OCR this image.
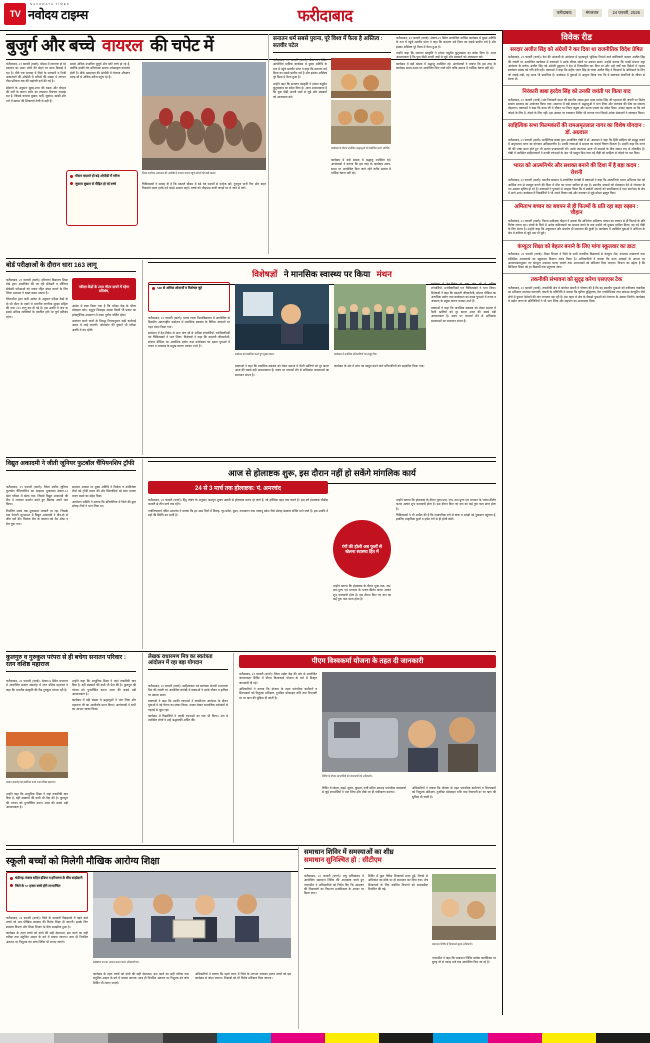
TV
NAVODAYA TIMES
नवोदय टाइम्स	फरीदाबाद	फरीदाबाद	मंगलवार	24 फरवरी, 2026
बुजुर्ग और बच्चे वायरल की चपेट में

फरीदाबाद, 23 फरवरी (वार्ता)। मौसम में लगातार हो रहे बदलाव का असर लोगों की सेहत पर साफ दिखाई दे रहा है। बीते एक सप्ताह में जिले के सरकारी व निजी अस्पतालों की ओपीडी में मरीजों की संख्या में लगभग तीस प्रतिशत तक की बढ़ोतरी दर्ज की गई है।

डॉक्टरों के अनुसार सुबह-शाम की ठंडक और दोपहर की गर्मी के कारण शरीर का तापमान नियंत्रण गड़बड़ा रहा है, जिससे वायरल बुखार, सर्दी, जुकाम, खांसी और गले में खराश की शिकायतें तेजी से बढ़ी हैं।

सबसे अधिक प्रभावित बुजुर्ग और छोटे बच्चे हो रहे हैं, क्योंकि इनकी रोग प्रतिरोधक क्षमता अपेक्षाकृत कमजोर होती है। बीके अस्पताल की ओपीडी में रोजाना औसतन बारह सौ से अधिक मरीज पहुंच रहे हैं।

मौसम बदलते ही बढ़े ओपीडी में मरीज
जुकाम बुखार से पीड़ित हो रहे बच्चे
जिला नागरिक अस्पताल की ओपीडी में उपचार कराने पहुंचे मरीजों की लंबी कतार।

चिकित्सकों ने सलाह दी है कि बदलते मौसम में ठंडे पेय पदार्थों से परहेज करें, गुनगुना पानी पिएं और बाहर निकलते समय हल्के गर्म कपड़े अवश्य पहनें। बच्चों को भीड़भाड़ वाली जगहों पर ले जाने से बचें।

सनातन धर्म सबसे पुराना, पूरे विश्व में फैला है अस्तित्व : सतवीर पटेल

फरीदाबाद, 23 फरवरी (वार्ता)। सेक्टर-21 स्थित आयोजित धार्मिक कार्यक्रम में मुख्य अतिथि के रूप में पहुंचे सतवीर पटेल ने कहा कि सनातन धर्म विश्व का सबसे प्राचीन धर्म है और इसका अस्तित्व पूरे विश्व में फैला हुआ है।

उन्होंने कहा कि सनातन संस्कृति ने हमेशा वसुधैव कुटुम्बकम का संदेश दिया है। आज आवश्यकता है कि युवा पीढ़ी अपनी जड़ों से जुड़े और संस्कारों को आत्मसात करे।

कार्यक्रम के दौरान उपस्थित श्रद्धालुओं को संबोधित करते अतिथि।

कार्यक्रम में बड़ी संख्या में श्रद्धालु उपस्थित रहे। आयोजकों ने बताया कि इस तरह के कार्यक्रम समय-समय पर आयोजित किए जाते रहेंगे ताकि समाज में धार्मिक चेतना बनी रहे।

फरीदाबाद, 23 फरवरी (वार्ता)। सेक्टर-21 स्थित आयोजित धार्मिक कार्यक्रम में मुख्य अतिथि के रूप में पहुंचे सतवीर पटेल ने कहा कि सनातन धर्म विश्व का सबसे प्राचीन धर्म है और इसका अस्तित्व पूरे विश्व में फैला हुआ है।

उन्होंने कहा कि सनातन संस्कृति ने हमेशा वसुधैव कुटुम्बकम का संदेश दिया है। आज आवश्यकता है कि युवा पीढ़ी अपनी जड़ों से जुड़े और संस्कारों को आत्मसात करे।

कार्यक्रम में बड़ी संख्या में श्रद्धालु उपस्थित रहे। आयोजकों ने बताया कि इस तरह के कार्यक्रम समय-समय पर आयोजित किए जाते रहेंगे ताकि समाज में धार्मिक चेतना बनी रहे।

बोर्ड परीक्षाओं के दौरान धारा 163 लागू

फरीदाबाद, 23 फरवरी (वार्ता)। हरियाणा विद्यालय शिक्षा बोर्ड द्वारा आयोजित की जा रही सेकेंडरी व सीनियर सेकेंडरी परीक्षाओं को नकल रहित संपन्न कराने के लिए जिला प्रशासन ने सख्त कदम उठाया है।

जिलाधीश द्वारा जारी आदेश के अनुसार परीक्षा केंद्रों के दो सौ मीटर के दायरे में भारतीय नागरिक सुरक्षा संहिता की धारा 163 लागू कर दी गई है। इस अवधि में पांच या इससे अधिक व्यक्तियों के एकत्रित होने पर पूर्ण प्रतिबंध रहेगा।

परीक्षा केंद्रों के 200 मीटर दायरे में रहेगा प्रतिबंध,

आदेश में स्पष्ट किया गया है कि परीक्षा केंद्र के भीतर मोबाइल फोन, ब्लूटूथ डिवाइस अथवा किसी भी प्रकार का इलेक्ट्रॉनिक उपकरण ले जाना पूर्णतः वर्जित रहेगा।

उल्लंघन करने वालों के विरुद्ध नियमानुसार कड़ी कार्रवाई अमल में लाई जाएगी। फोटोस्टेट की दुकानें भी परीक्षा अवधि में बंद रहेंगी।

विशेषज्ञों ने मानसिक स्वास्थ्य पर किया मंथन
500 से अधिक शोधार्थी व विशेषज्ञ जुटे

फरीदाबाद, 23 फरवरी (वार्ता)। मानव रचना विश्वविद्यालय में आयोजित दो दिवसीय अंतरराष्ट्रीय सम्मेलन में मानसिक स्वास्थ्य के विविध आयामों पर गहन मंथन किया गया।

सम्मेलन में देश-विदेश से आए पांच सौ से अधिक शोधार्थियों, मनोवैज्ञानिकों एवं चिकित्सकों ने भाग लिया। विशेषज्ञों ने कहा कि बदलती जीवनशैली, सोशल मीडिया का अत्यधिक प्रयोग तथा कार्यस्थल का दबाव युवाओं में तनाव व अवसाद के प्रमुख कारण बनकर उभरे हैं।

सम्मेलन को संबोधित करते हुए मुख्य वक्ता।

वक्ताओं ने कहा कि मानसिक स्वास्थ्य को लेकर समाज में फैली भ्रांतियों को दूर करना आज की सबसे बड़ी आवश्यकता है। समय पर परामर्श लेने से अधिकांश समस्याओं का समाधान संभव है।

कार्यक्रम में उपस्थित प्रतिभागियों का समूह चित्र।

कार्यक्रम के अंत में शोध पत्र प्रस्तुत करने वाले प्रतिभागियों को सम्मानित किया गया।

सम्मेलन में देश-विदेश से आए पांच सौ से अधिक शोधार्थियों, मनोवैज्ञानिकों एवं चिकित्सकों ने भाग लिया। विशेषज्ञों ने कहा कि बदलती जीवनशैली, सोशल मीडिया का अत्यधिक प्रयोग तथा कार्यस्थल का दबाव युवाओं में तनाव व अवसाद के प्रमुख कारण बनकर उभरे हैं।

वक्ताओं ने कहा कि मानसिक स्वास्थ्य को लेकर समाज में फैली भ्रांतियों को दूर करना आज की सबसे बड़ी आवश्यकता है। समय पर परामर्श लेने से अधिकांश समस्याओं का समाधान संभव है।

विद्युत अकादमी ने जीती जूनियर फुटबॉल चैंपियनशिप ट्रॉफी

फरीदाबाद, 23 फरवरी (वार्ता)। जिला स्तरीय जूनियर फुटबॉल चैंपियनशिप का फाइनल मुकाबला सेक्टर-12 खेल परिसर में खेला गया, जिसमें विद्युत अकादमी की टीम ने शानदार प्रदर्शन करते हुए खिताब अपने नाम किया।

निर्धारित समय तक मुकाबला बराबरी पर रहा, जिसके बाद पेनल्टी शूटआउट में विद्युत अकादमी ने तीन-दो से जीत दर्ज की। विजेता टीम के कप्तान को मैन ऑफ द मैच चुना गया।

समापन अवसर पर मुख्य अतिथि ने विजेता व उपविजेता टीमों को ट्रॉफी प्रदान की और खिलाड़ियों को खेल भावना बनाए रखने का संदेश दिया।

आयोजन समिति ने बताया कि प्रतियोगिता में जिले की कुल सोलह टीमों ने भाग लिया था।

आज से होलाष्टक शुरू, इस दौरान नहीं हो सकेंगे मांगलिक कार्य
24 से 3 मार्च तक होलाष्टक: पं. अमरचंद

फरीदाबाद, 23 फरवरी (वार्ता)। हिंदू पंचांग के अनुसार फाल्गुन शुक्ल अष्टमी से होलाष्टक प्रारंभ हो जाते हैं, जो होलिका दहन तक चलते हैं। इस वर्ष होलाष्टक चौबीस फरवरी से तीन मार्च तक रहेंगे।

ज्योतिषाचार्य पंडित अमरचंद ने बताया कि इन आठ दिनों में विवाह, गृह प्रवेश, मुंडन, नामकरण तथा नववधू प्रवेश जैसे सोलह संस्कार वर्जित माने जाते हैं। इस अवधि में ग्रहों की स्थिति उग्र रहती है।

रंगों की होली अब फूलों से खेलना स्वास्थ्य हित में

उन्होंने बताया कि होलाष्टक के दौरान पूजा-पाठ, जप, दान-पुण्य एवं भगवान के भजन-कीर्तन करना अत्यंत शुभ फलदायी होता है। इस दौरान किए गए दान का कई गुना फल प्राप्त होता है।

उन्होंने बताया कि होलाष्टक के दौरान पूजा-पाठ, जप, दान-पुण्य एवं भगवान के भजन-कीर्तन करना अत्यंत शुभ फलदायी होता है। इस दौरान किए गए दान का कई गुना फल प्राप्त होता है।

चिकित्सकों ने भी अपील की है कि रासायनिक रंगों से त्वचा व आंखों को नुकसान पहुंचता है, इसलिए प्राकृतिक फूलों व हर्बल रंगों से ही होली खेलें।

कुलगुरु व गुरुकुल परंपरा से ही बचेगा सनातन परिवार : रतन वशिष्ठ महाराज

फरीदाबाद, 23 फरवरी (वार्ता)। सेक्टर-9 स्थित सभागार में आयोजित सत्संग समारोह में रतन वशिष्ठ महाराज ने कहा कि भारतीय संस्कृति की रीढ़ गुरुकुल परंपरा रही है।

सत्संग समारोह को संबोधित करते रतन वशिष्ठ महाराज।

उन्होंने कहा कि आधुनिक शिक्षा ने जहां तकनीकी ज्ञान दिया है, वहीं संस्कारों की कमी भी पैदा की है। कुलगुरु की परंपरा को पुनर्जीवित करना आज की सबसे बड़ी आवश्यकता है।

उन्होंने कहा कि आधुनिक शिक्षा ने जहां तकनीकी ज्ञान दिया है, वहीं संस्कारों की कमी भी पैदा की है। कुलगुरु की परंपरा को पुनर्जीवित करना आज की सबसे बड़ी आवश्यकता है।

कार्यक्रम में बड़ी संख्या में श्रद्धालुओं ने भाग लिया और महाराज जी का आशीर्वाद प्राप्त किया। आयोजकों ने सभी का आभार व्यक्त किया।

लेखक राधारमण मित्र का स्वतंत्रता आंदोलन में रहा बड़ा योगदान

फरीदाबाद, 23 फरवरी (वार्ता)। साहित्यकार एवं स्वतंत्रता सेनानी राधारमण मित्र की जयंती पर आयोजित संगोष्ठी में वक्ताओं ने उनके जीवन व कृतित्व पर प्रकाश डाला।

वक्ताओं ने कहा कि उनकी रचनाओं ने स्वाधीनता आंदोलन के दौरान युवाओं में नई चेतना का संचार किया। उनका लेखन सामाजिक सरोकारों से गहराई से जुड़ा रहा।

कार्यक्रम में विद्यार्थियों ने उनकी रचनाओं का पाठ भी किया। अंत में उपस्थित लोगों ने उन्हें श्रद्धांजलि अर्पित की।

पीएम विश्वकर्मा योजना के तहत दी जानकारी

फरीदाबाद, 23 फरवरी (वार्ता)। जिला उद्योग केंद्र की ओर से आयोजित जागरूकता शिविर में पीएम विश्वकर्मा योजना के बारे में विस्तृत जानकारी दी गई।

अधिकारियों ने बताया कि योजना के तहत पारंपरिक कारीगरों व शिल्पकारों को निशुल्क प्रशिक्षण, टूलकिट प्रोत्साहन राशि तथा रियायती दर पर ऋण की सुविधा दी जाती है।

शिविर के दौरान लाभार्थियों को जानकारी देते अधिकारी।

शिविर में लोहार, बढ़ई, सुनार, कुम्हार, दर्जी सहित अठारह पारंपरिक व्यवसायों से जुड़े लाभार्थियों ने भाग लिया और मौके पर ही पंजीकरण कराया।

अधिकारियों ने बताया कि योजना के तहत पारंपरिक कारीगरों व शिल्पकारों को निशुल्क प्रशिक्षण, टूलकिट प्रोत्साहन राशि तथा रियायती दर पर ऋण की सुविधा दी जाती है।

स्कूली बच्चों को मिलेगी मौखिक आरोग्य शिक्षा
चंडीगढ़-पंजाब सहित इंडिया व हरियाणा के बीच साझेदारी
जिले के 57 हजार बच्चे होंगे लाभान्वित

फरीदाबाद, 23 फरवरी (वार्ता)। जिले के सरकारी विद्यालयों में पढ़ने वाले बच्चों को अब मौखिक स्वास्थ्य की विशेष शिक्षा दी जाएगी। इसके लिए स्वास्थ्य विभाग और शिक्षा विभाग के बीच समझौता हुआ है।

कार्यक्रम के तहत बच्चों को दांतों की सही देखभाल, ब्रश करने का सही तरीका तथा संतुलित आहार के बारे में बताया जाएगा। साथ ही नियमित अंतराल पर निशुल्क दंत जांच शिविर भी लगाए जाएंगे।

समझौता पत्र का आदान-प्रदान करते अधिकारीगण।

कार्यक्रम के तहत बच्चों को दांतों की सही देखभाल, ब्रश करने का सही तरीका तथा संतुलित आहार के बारे में बताया जाएगा। साथ ही नियमित अंतराल पर निशुल्क दंत जांच शिविर भी लगाए जाएंगे।

अधिकारियों ने बताया कि पहले चरण में जिले के लगभग सत्तावन हजार बच्चों को इस कार्यक्रम से जोड़ा जाएगा। शिक्षकों को भी विशेष प्रशिक्षण दिया जाएगा।

समाधान शिविर में समस्याओं का शीघ्र
समाधान सुनिश्चित हो : सीटीएम

फरीदाबाद, 23 फरवरी (वार्ता)। लघु सचिवालय में आयोजित समाधान शिविर की अध्यक्षता करते हुए नगराधीश ने अधिकारियों को निर्देश दिए कि आमजन की शिकायतों का निपटारा प्राथमिकता के आधार पर किया जाए।

शिविर में कुल तैंतीस शिकायतें प्राप्त हुईं, जिनमें से अधिकांश का मौके पर ही समाधान कर दिया गया। शेष शिकायतों के लिए संबंधित विभागों को समयसीमा निर्धारित की गई।

समाधान शिविर में शिकायतें सुनते अधिकारी।

नगराधीश ने कहा कि समाधान शिविर प्रत्येक कार्यदिवस पर सुबह नौ से ग्यारह बजे तक आयोजित किए जा रहे हैं।

विवेक रीड
सरदार अजीत सिंह को अंग्रेजों ने कर दिया था राजनीतिक विदेश प्रेषित
फरीदाबाद, 23 फरवरी (वार्ता)। देश की आजादी के आंदोलन में महत्वपूर्ण भूमिका निभाने वाले क्रांतिकारी सरदार अजीत सिंह की जयंती पर आयोजित कार्यक्रम में वक्ताओं ने उनके जीवन संघर्ष पर प्रकाश डाला। उन्होंने बताया कि पगड़ी संभाल जट्टा आंदोलन के प्रणेता अजीत सिंह को अंग्रेजी हुकूमत ने देश से निष्कासित कर दिया था और उन्हें वर्षों तक विदेशों में रहकर स्वतंत्रता संग्राम को गति देनी पड़ी। वक्ताओं ने कहा कि शहीद भगत सिंह के चाचा अजीत सिंह ने किसानों के अधिकारों के लिए जो लड़ाई लड़ी, वह आज भी प्रासंगिक है। कार्यक्रम में युवाओं से आह्वान किया गया कि वे स्वतंत्रता सेनानियों के जीवन से प्रेरणा लें।
निरंकारी बाबा हरदेव सिंह को उनकी जयंती पर किया याद
फरीदाबाद, 23 फरवरी (वार्ता)। संत निरंकारी मंडल की स्थानीय शाखा द्वारा बाबा हरदेव सिंह जी महाराज की जयंती पर विशेष सत्संग समागम का आयोजन किया गया। समागम में बड़ी संख्या में श्रद्धालुओं ने भाग लिया और मानवता की सेवा का संकल्प दोहराया। वक्ताओं ने कहा कि बाबा जी ने जीवन भर विश्व बंधुत्व और मानव एकता का संदेश दिया। उनका कहना था कि धर्म जोड़ने के लिए है, तोड़ने के लिए नहीं। इस अवसर पर रक्तदान शिविर भी लगाया गया जिसमें अनेक सेवादारों ने रक्तदान किया।
साहित्यिक सभा फिल्मकारों की रामअमृतलाल नागर का विशेष योगदान : डॉ. अग्रवाल
फरीदाबाद, 23 फरवरी (वार्ता)। साहित्यिक संस्था द्वारा आयोजित गोष्ठी में डॉ. अग्रवाल ने कहा कि हिंदी साहित्य को समृद्ध बनाने में अमृतलाल नागर का योगदान अविस्मरणीय है। उनकी रचनाओं में समाज का यथार्थ चित्रण मिलता है। उन्होंने कहा कि नागर जी की भाषा सरल होते हुए भी अत्यंत प्रभावशाली थी। उनके उपन्यास आज भी पाठकों के बीच समान रूप से लोकप्रिय हैं। गोष्ठी में उपस्थित साहित्यकारों ने उनकी रचनाओं के अंश भी प्रस्तुत किए तथा नई पीढ़ी को साहित्य से जोड़ने पर बल दिया।
भारत को आत्मनिर्भर और सशक्त बनाने की दिशा में है बड़ा कदम : रोशनी
फरीदाबाद, 23 फरवरी (वार्ता)। स्थानीय संस्थान में आयोजित संगोष्ठी में वक्ताओं ने कहा कि आत्मनिर्भर भारत अभियान देश को आर्थिक रूप से मजबूत बनाने की दिशा में मील का पत्थर साबित हो रहा है। स्थानीय उत्पादों को प्रोत्साहन देने से रोजगार के नए अवसर सृजित हो रहे हैं। वक्ताओं ने युवाओं से आह्वान किया कि वे स्वदेशी उत्पादों को प्राथमिकता दें तथा स्टार्टअप के क्षेत्र में आगे आएं। कार्यक्रम में विद्यार्थियों ने भी अपने विचार रखे और नवाचार से जुड़े मॉडल प्रस्तुत किए।
अमिताभ बच्चन का बचपन से ही फिल्मों के प्रति रहा बड़ा रुझान : चौहान
फरीदाबाद, 23 फरवरी (वार्ता)। फिल्म समीक्षक चौहान ने बताया कि अभिनेता अमिताभ बच्चन का बचपन से ही फिल्मों के प्रति विशेष लगाव रहा। संघर्ष के दिनों में अनेक कठिनाइयों का सामना करने के बाद उन्होंने जो मुकाम हासिल किया, वह नई पीढ़ी के लिए प्रेरणा है। उन्होंने कहा कि अनुशासन और समर्पण ही सफलता की कुंजी है। कार्यक्रम में उपस्थित युवाओं ने अभिनय के क्षेत्र में करियर से जुड़े प्रश्न भी पूछे।
कंप्यूटर शिक्षा को बेहतर बनाने के लिए मांगा स्कूलवार का डाटा
फरीदाबाद, 23 फरवरी (वार्ता)। शिक्षा विभाग ने जिले के सभी राजकीय विद्यालयों से कंप्यूटर लैब, उपलब्ध उपकरणों तथा प्रशिक्षित अध्यापकों का स्कूलवार विवरण तलब किया है। अधिकारियों ने बताया कि प्राप्त आंकड़ों के आधार पर आवश्यकतानुसार नए कंप्यूटर उपलब्ध कराए जाएंगे तथा अध्यापकों को प्रशिक्षण दिया जाएगा। विभाग का उद्देश्य है कि डिजिटल शिक्षा को हर विद्यार्थी तक पहुंचाया जाए।
तकनीकी संभावना को सुदृढ़ करेगा एसएएस टेक
फरीदाबाद, 23 फरवरी (वार्ता)। तकनीकी क्षेत्र में कार्यरत कंपनी ने घोषणा की है कि वह स्थानीय युवाओं को नवीनतम तकनीक का प्रशिक्षण उपलब्ध कराएगी। कंपनी के प्रतिनिधि ने बताया कि कृत्रिम बुद्धिमत्ता, डेटा एनालिटिक्स तथा क्लाउड कंप्यूटिंग जैसे क्षेत्रों में कुशल पेशेवरों की मांग लगातार बढ़ रही है। इस पहल से क्षेत्र के सैकड़ों युवाओं को रोजगार के अवसर मिलेंगे। कार्यक्रम में उद्योग जगत के प्रतिनिधियों ने भी भाग लिया और सहयोग का आश्वासन दिया।
